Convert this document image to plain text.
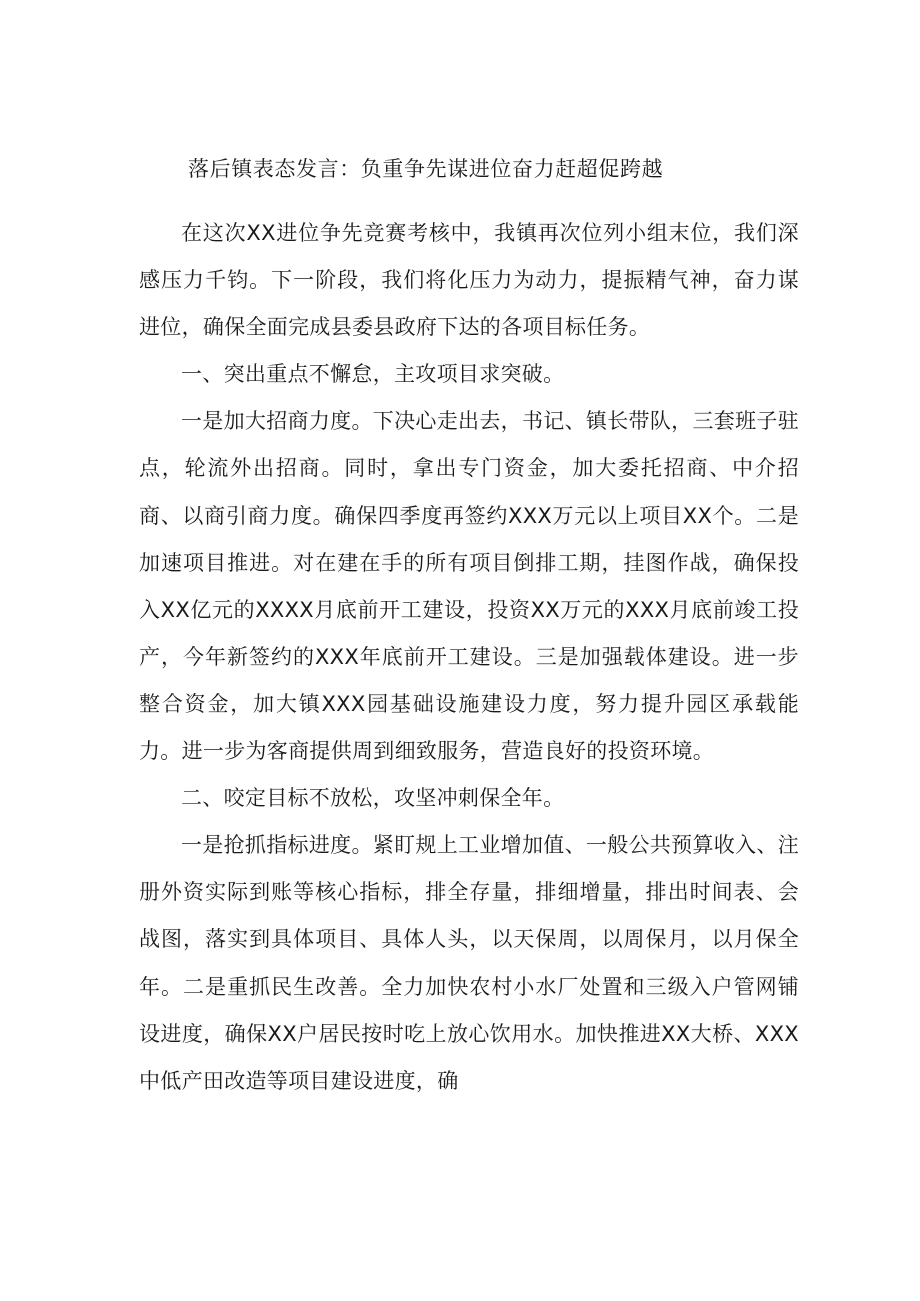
落后镇表态发言：负重争先谋进位奋力赶超促跨越

在这次XX进位争先竞赛考核中，我镇再次位列小组末位，我们深感压力千钧。下一阶段，我们将化压力为动力，提振精气神，奋力谋进位，确保全面完成县委县政府下达的各项目标任务。

一、突出重点不懈怠，主攻项目求突破。

一是加大招商力度。下决心走出去，书记、镇长带队，三套班子驻点，轮流外出招商。同时，拿出专门资金，加大委托招商、中介招商、以商引商力度。确保四季度再签约XXX万元以上项目XX个。二是加速项目推进。对在建在手的所有项目倒排工期，挂图作战，确保投入XX亿元的XXXX月底前开工建设，投资XX万元的XXX月底前竣工投产，今年新签约的XXX年底前开工建设。三是加强载体建设。进一步整合资金，加大镇XXX园基础设施建设力度，努力提升园区承载能力。进一步为客商提供周到细致服务，营造良好的投资环境。

二、咬定目标不放松，攻坚冲刺保全年。

一是抢抓指标进度。紧盯规上工业增加值、一般公共预算收入、注册外资实际到账等核心指标，排全存量，排细增量，排出时间表、会战图，落实到具体项目、具体人头，以天保周，以周保月，以月保全年。二是重抓民生改善。全力加快农村小水厂处置和三级入户管网铺设进度，确保XX户居民按时吃上放心饮用水。加快推进XX大桥、XXX中低产田改造等项目建设进度，确
